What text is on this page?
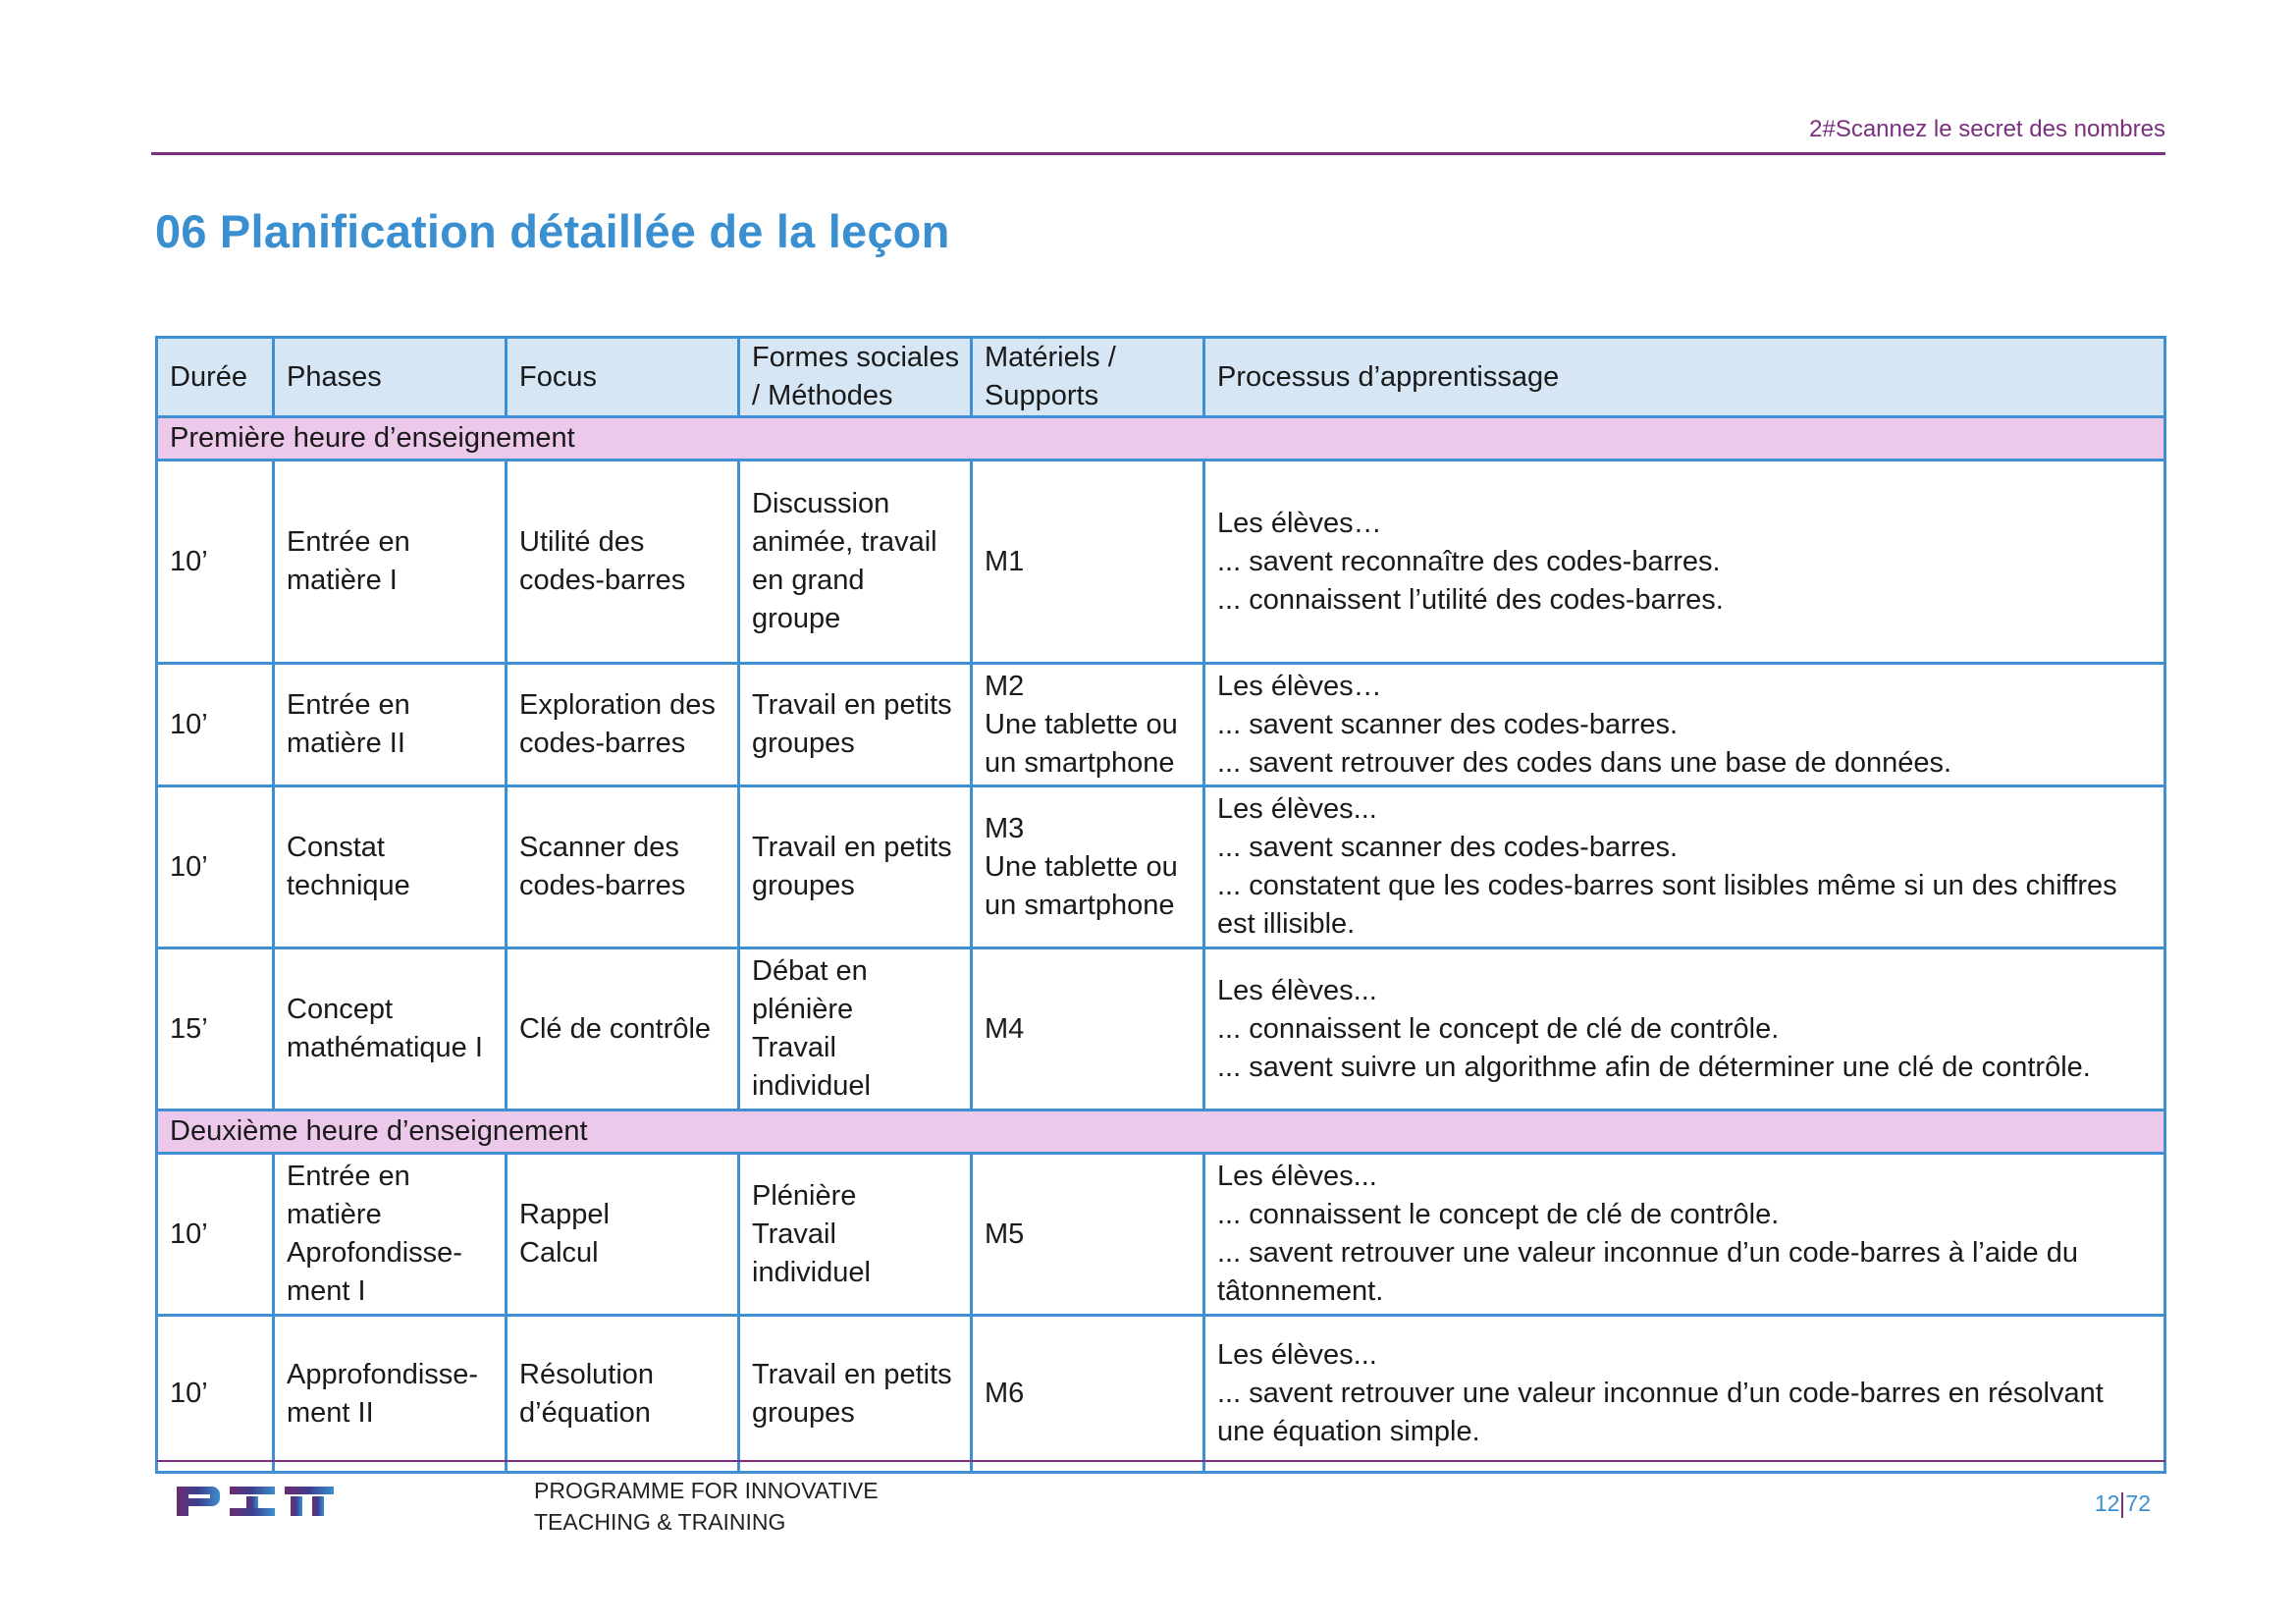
2#Scannez le secret des nombres
06 Planification détaillée de la leçon
Durée	Phases	Focus	Formes sociales
/ Méthodes	Matériels /
Supports	Processus d’apprentissage
Première heure d’enseignement					
10’	Entrée en
matière I	Utilité des
codes-barres	Discussion
animée, travail
en grand
groupe	M1	Les élèves…
... savent reconnaître des codes-barres.
... connaissent l’utilité des codes-barres.

10’	Entrée en
matière II	Exploration des
codes-barres	Travail en petits
groupes	M2
Une tablette ou
un smartphone	Les élèves…
... savent scanner des codes-barres.
... savent retrouver des codes dans une base de données.

10’	Constat
technique	Scanner des
codes-barres	Travail en petits
groupes	M3
Une tablette ou
un smartphone	Les élèves...
... savent scanner des codes-barres.
... constatent que les codes-barres sont lisibles même si un des chiffres
est illisible.

15’	Concept
mathématique I	Clé de contrôle	Débat en
plénière
Travail
individuel	M4	Les élèves...
... connaissent le concept de clé de contrôle.
... savent suivre un algorithme afin de déterminer une clé de contrôle.

Deuxième heure d’enseignement					
10’	Entrée en
matière
Aprofondisse-
ment I	Rappel
Calcul	Plénière
Travail
individuel	M5	Les élèves...
... connaissent le concept de clé de contrôle.
... savent retrouver une valeur inconnue d’un code-barres à l’aide du
tâtonnement.

10’	Approfondisse-
ment II	Résolution
d’équation	Travail en petits
groupes	M6	Les élèves...
... savent retrouver une valeur inconnue d’un code-barres en résolvant
une équation simple.
PROGRAMME FOR INNOVATIVE
TEACHING & TRAINING
12 72
